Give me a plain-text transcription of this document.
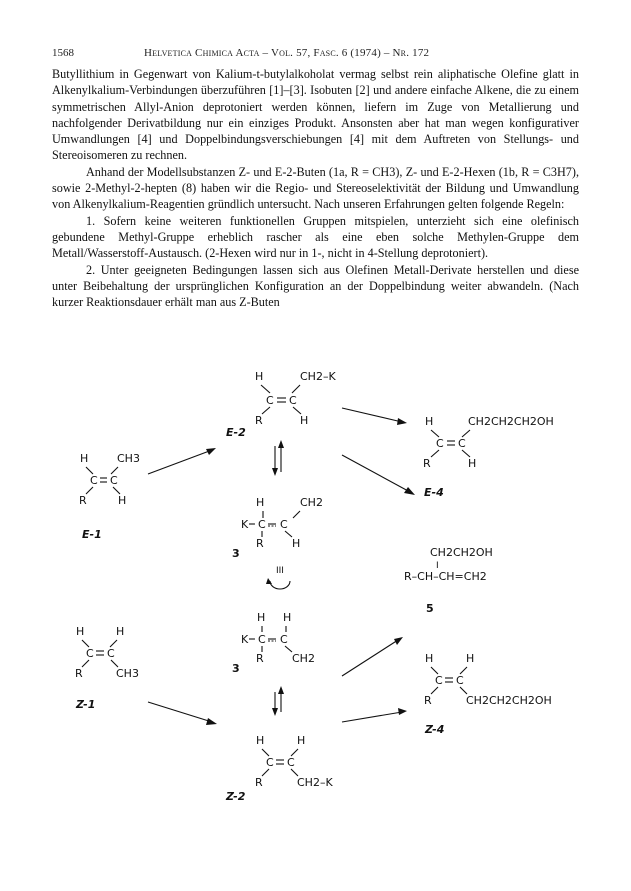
1568	Helvetica Chimica Acta – Vol. 57, Fasc. 6 (1974) – Nr. 172

Butyllithium in Gegenwart von Kalium-t-butylalkoholat vermag selbst rein aliphatische Olefine glatt in Alkenylkalium-Verbindungen überzuführen [1]–[3]. Isobuten [2] und andere einfache Alkene, die zu einem symmetrischen Allyl-Anion deprotoniert werden können, liefern im Zuge von Metallierung und nachfolgender Derivatbildung nur ein einziges Produkt. Ansonsten aber hat man wegen konfigurativer Umwandlungen [4] und Doppelbindungsverschiebungen [4] mit dem Auftreten von Stellungs- und Stereoisomeren zu rechnen.

Anhand der Modellsubstanzen Z- und E-2-Buten (1a, R = CH3), Z- und E-2-Hexen (1b, R = C3H7), sowie 2-Methyl-2-hepten (8) haben wir die Regio- und Stereoselektivität der Bildung und Umwandlung von Alkenylkalium-Reagentien gründlich untersucht. Nach unseren Erfahrungen gelten folgende Regeln:

1. Sofern keine weiteren funktionellen Gruppen mitspielen, unterzieht sich eine olefinisch gebundene Methyl-Gruppe erheblich rascher als eine eben solche Methylen-Gruppe dem Metall/Wasserstoff-Austausch. (2-Hexen wird nur in 1-, nicht in 4-Stellung deprotoniert).

2. Unter geeigneten Bedingungen lassen sich aus Olefinen Metall-Derivate herstellen und diese unter Beibehaltung der ursprünglichen Konfiguration an der Doppelbindung weiter abwandeln. (Nach kurzer Reaktionsdauer erhält man aus Z-Buten

H	CH2–K
C C
R	H
E-2
H	CH2CH2CH2OH
C C
R	H
E-4
H	CH3
C C
R	H
E-1
H	CH2
K C C
R	H
3
III
CH2CH2OH
I
R–CH–CH=CH2
5
H H
K C C
R	CH2
3
H	H
C C
R	CH3
Z-1
H	H
C C
R	CH2CH2CH2OH
Z-4
H	H
C C
R	CH2–K
Z-2
